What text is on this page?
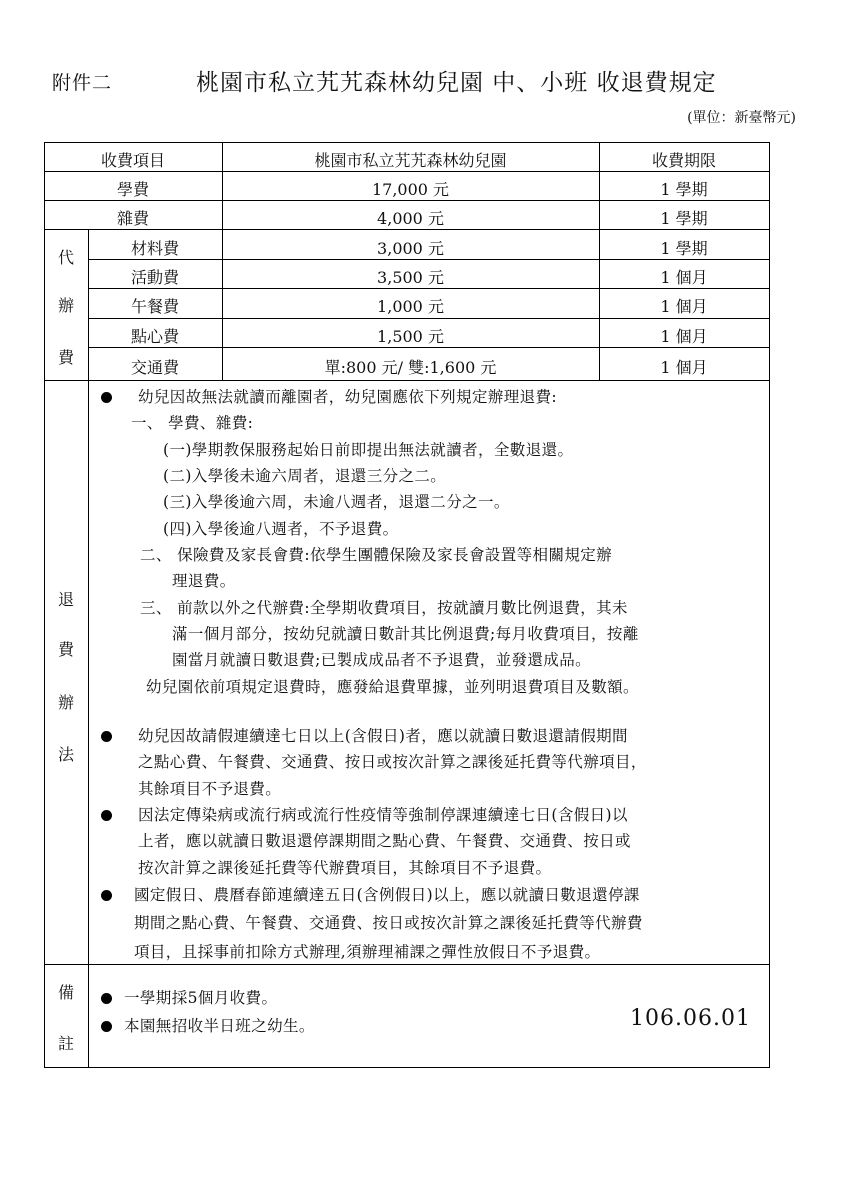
附件二	桃園市私立艽艽森林幼兒園 中、小班 收退費規定
(單位：新臺幣元)
收費項目	桃園市私立艽艽森林幼兒園	收費期限
學費	17,000 元	1 學期
雜費	4,000 元	1 學期
代
辦
費
材料費	3,000 元	1 學期
活動費	3,500 元	1 個月
午餐費	1,000 元	1 個月
點心費	1,500 元	1 個月
交通費	單:800 元/ 雙:1,600 元	1 個月
退
費
辦
法
幼兒因故無法就讀而離園者，幼兒園應依下列規定辦理退費:
一、 學費、雜費:
(一)學期教保服務起始日前即提出無法就讀者，全數退還。
(二)入學後未逾六周者，退還三分之二。
(三)入學後逾六周，未逾八週者，退還二分之一。
(四)入學後逾八週者，不予退費。
二、 保險費及家長會費:依學生團體保險及家長會設置等相關規定辦
理退費。
三、 前款以外之代辦費:全學期收費項目，按就讀月數比例退費，其未
滿一個月部分，按幼兒就讀日數計其比例退費;每月收費項目，按離
園當月就讀日數退費;已製成成品者不予退費，並發還成品。
幼兒園依前項規定退費時，應發給退費單據，並列明退費項目及數額。
幼兒因故請假連續達七日以上(含假日)者，應以就讀日數退還請假期間
之點心費、午餐費、交通費、按日或按次計算之課後延托費等代辦項目，
其餘項目不予退費。
因法定傳染病或流行病或流行性疫情等強制停課連續達七日(含假日)以
上者，應以就讀日數退還停課期間之點心費、午餐費、交通費、按日或
按次計算之課後延托費等代辦費項目，其餘項目不予退費。
國定假日、農曆春節連續達五日(含例假日)以上，應以就讀日數退還停課
期間之點心費、午餐費、交通費、按日或按次計算之課後延托費等代辦費
項目，且採事前扣除方式辦理,須辦理補課之彈性放假日不予退費。
備
註
一學期採5個月收費。
本園無招收半日班之幼生。	106.06.01
